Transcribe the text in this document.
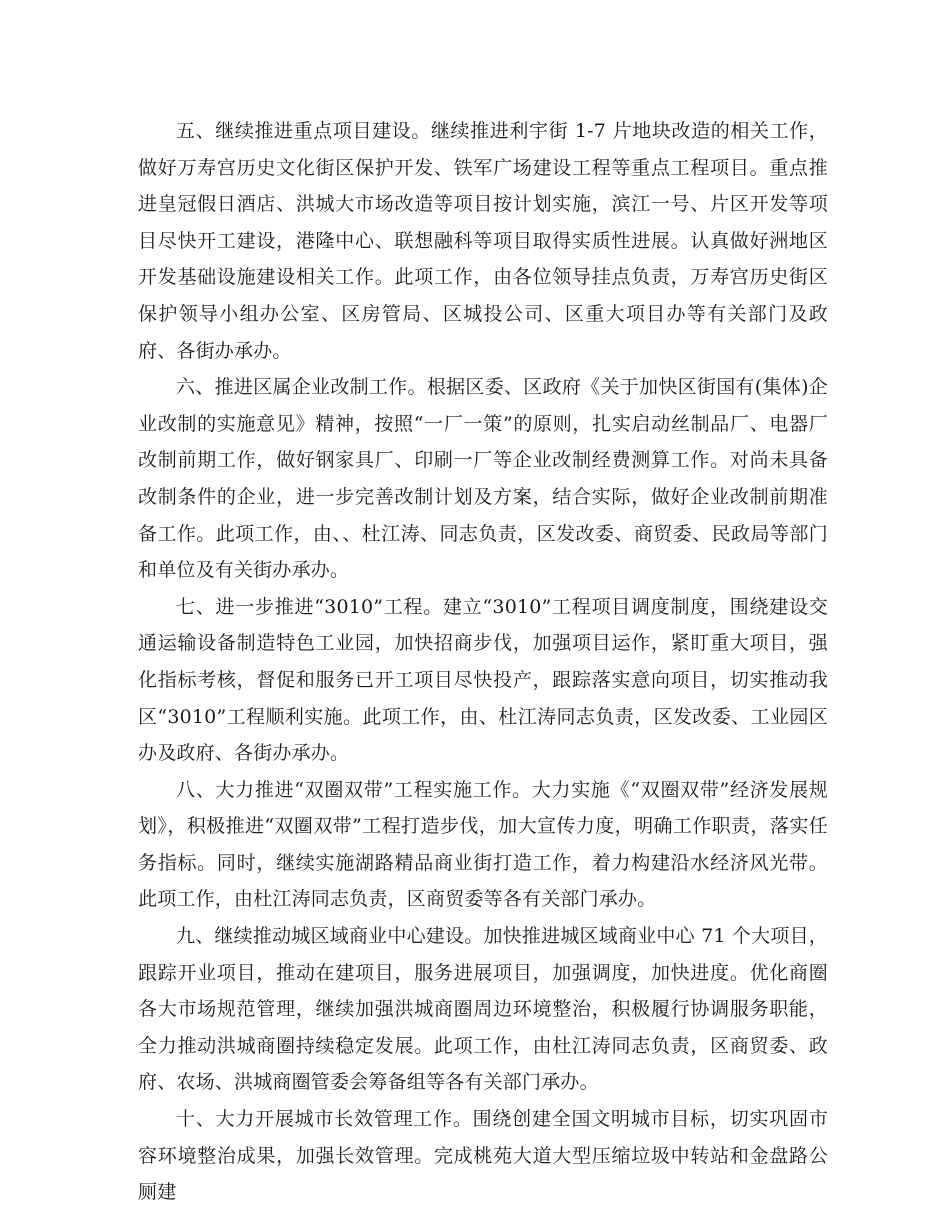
五、继续推进重点项目建设。继续推进利宇街 1-7 片地块改造的相关工作，做好万寿宫历史文化街区保护开发、铁军广场建设工程等重点工程项目。重点推进皇冠假日酒店、洪城大市场改造等项目按计划实施，滨江一号、片区开发等项目尽快开工建设，港隆中心、联想融科等项目取得实质性进展。认真做好洲地区开发基础设施建设相关工作。此项工作，由各位领导挂点负责，万寿宫历史街区保护领导小组办公室、区房管局、区城投公司、区重大项目办等有关部门及政府、各街办承办。

六、推进区属企业改制工作。根据区委、区政府《关于加快区街国有(集体)企业改制的实施意见》精神，按照“一厂一策”的原则，扎实启动丝制品厂、电器厂改制前期工作，做好钢家具厂、印刷一厂等企业改制经费测算工作。对尚未具备改制条件的企业，进一步完善改制计划及方案，结合实际，做好企业改制前期准备工作。此项工作，由、、杜江涛、同志负责，区发改委、商贸委、民政局等部门和单位及有关街办承办。

七、进一步推进“3010”工程。建立“3010”工程项目调度制度，围绕建设交通运输设备制造特色工业园，加快招商步伐，加强项目运作，紧盯重大项目，强化指标考核，督促和服务已开工项目尽快投产，跟踪落实意向项目，切实推动我区“3010”工程顺利实施。此项工作，由、杜江涛同志负责，区发改委、工业园区办及政府、各街办承办。

八、大力推进“双圈双带”工程实施工作。大力实施《“双圈双带”经济发展规划》，积极推进“双圈双带”工程打造步伐，加大宣传力度，明确工作职责，落实任务指标。同时，继续实施湖路精品商业街打造工作，着力构建沿水经济风光带。此项工作，由杜江涛同志负责，区商贸委等各有关部门承办。

九、继续推动城区域商业中心建设。加快推进城区域商业中心 71 个大项目，跟踪开业项目，推动在建项目，服务进展项目，加强调度，加快进度。优化商圈各大市场规范管理，继续加强洪城商圈周边环境整治，积极履行协调服务职能，全力推动洪城商圈持续稳定发展。此项工作，由杜江涛同志负责，区商贸委、政府、农场、洪城商圈管委会筹备组等各有关部门承办。

十、大力开展城市长效管理工作。围绕创建全国文明城市目标，切实巩固市容环境整治成果，加强长效管理。完成桃苑大道大型压缩垃圾中转站和金盘路公厕建
